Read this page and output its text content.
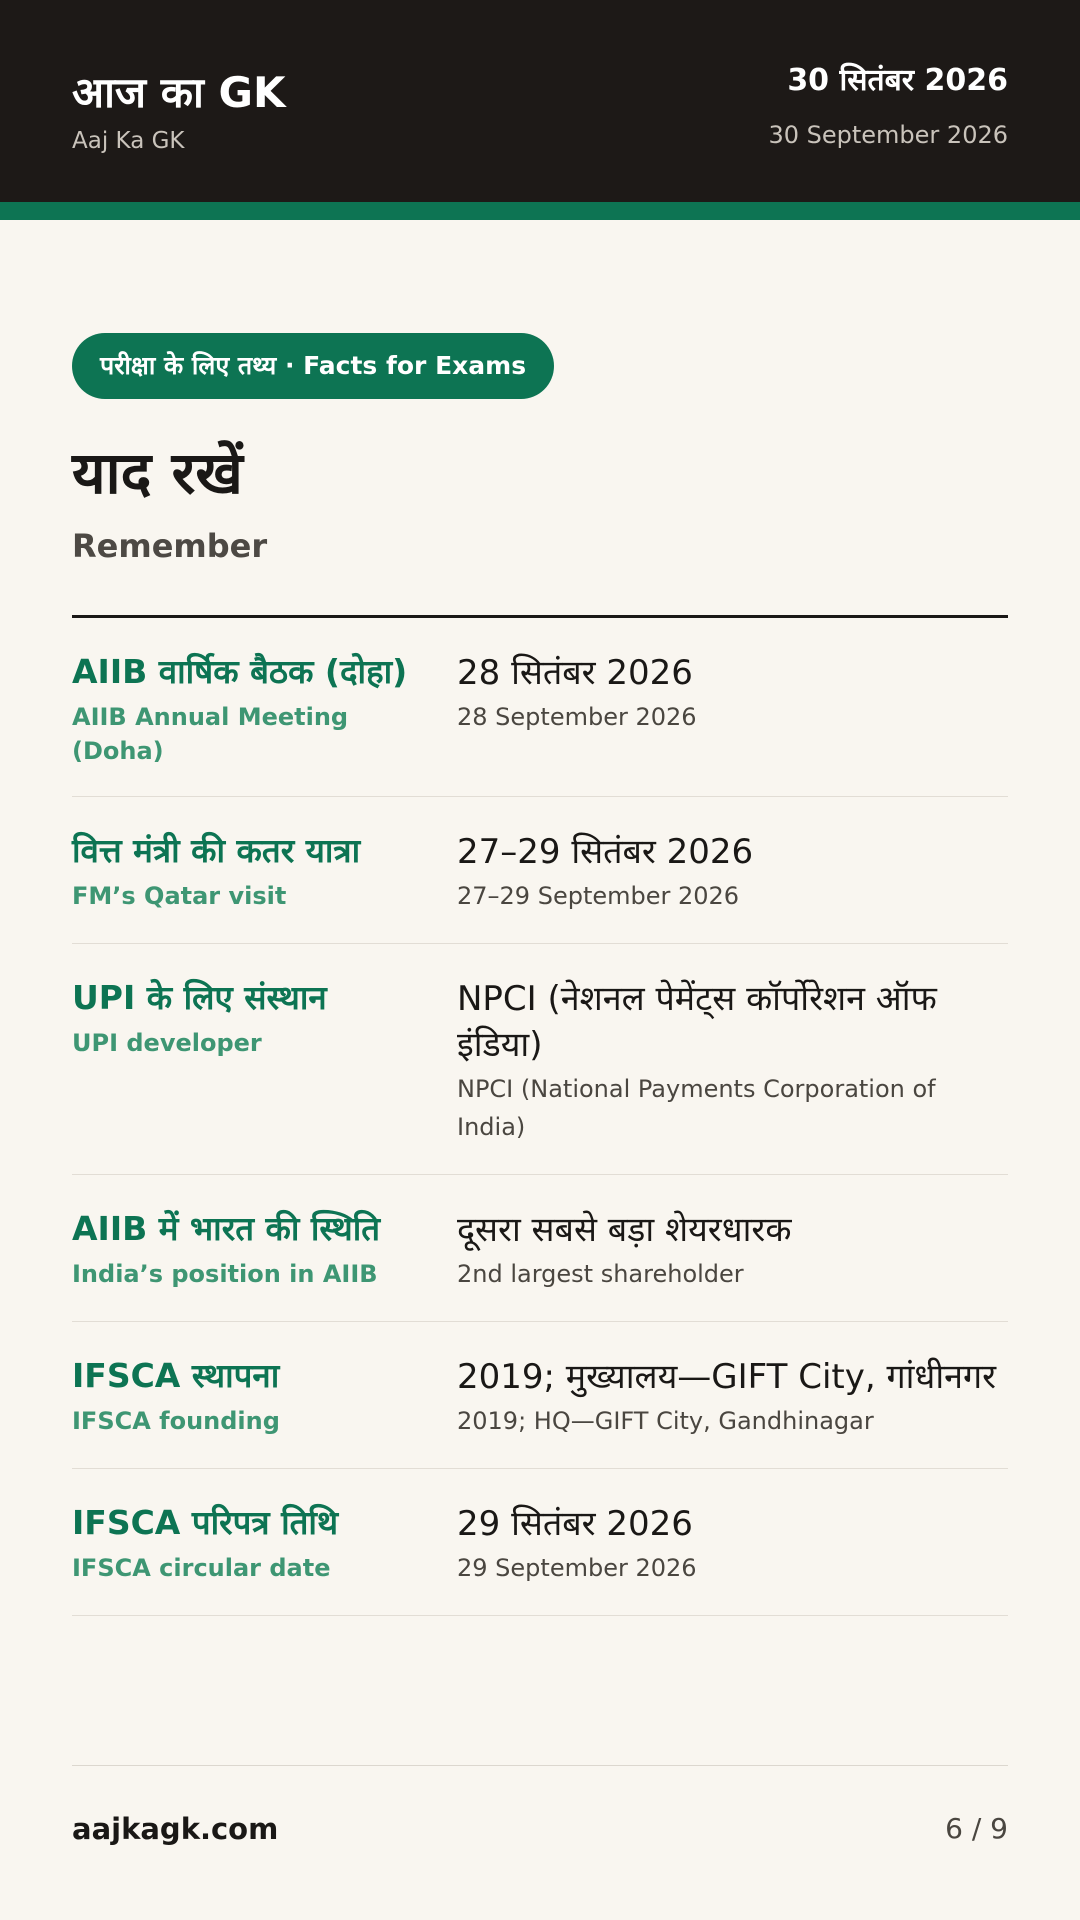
आज का GK
Aaj Ka GK
30 सितंबर 2026
30 September 2026
परीक्षा के लिए तथ्य · Facts for Exams
याद रखें
Remember
AIIB वार्षिक बैठक (दोहा)
AIIB Annual Meeting (Doha)
28 सितंबर 2026
28 September 2026
वित्त मंत्री की कतर यात्रा
FM’s Qatar visit
27–29 सितंबर 2026
27–29 September 2026
UPI के लिए संस्थान
UPI developer
NPCI (नेशनल पेमेंट्स कॉर्पोरेशन ऑफ इंडिया)
NPCI (National Payments Corporation of India)
AIIB में भारत की स्थिति
India’s position in AIIB
दूसरा सबसे बड़ा शेयरधारक
2nd largest shareholder
IFSCA स्थापना
IFSCA founding
2019; मुख्यालय—GIFT City, गांधीनगर
2019; HQ—GIFT City, Gandhinagar
IFSCA परिपत्र तिथि
IFSCA circular date
29 सितंबर 2026
29 September 2026
aajkagk.com	6 / 9
